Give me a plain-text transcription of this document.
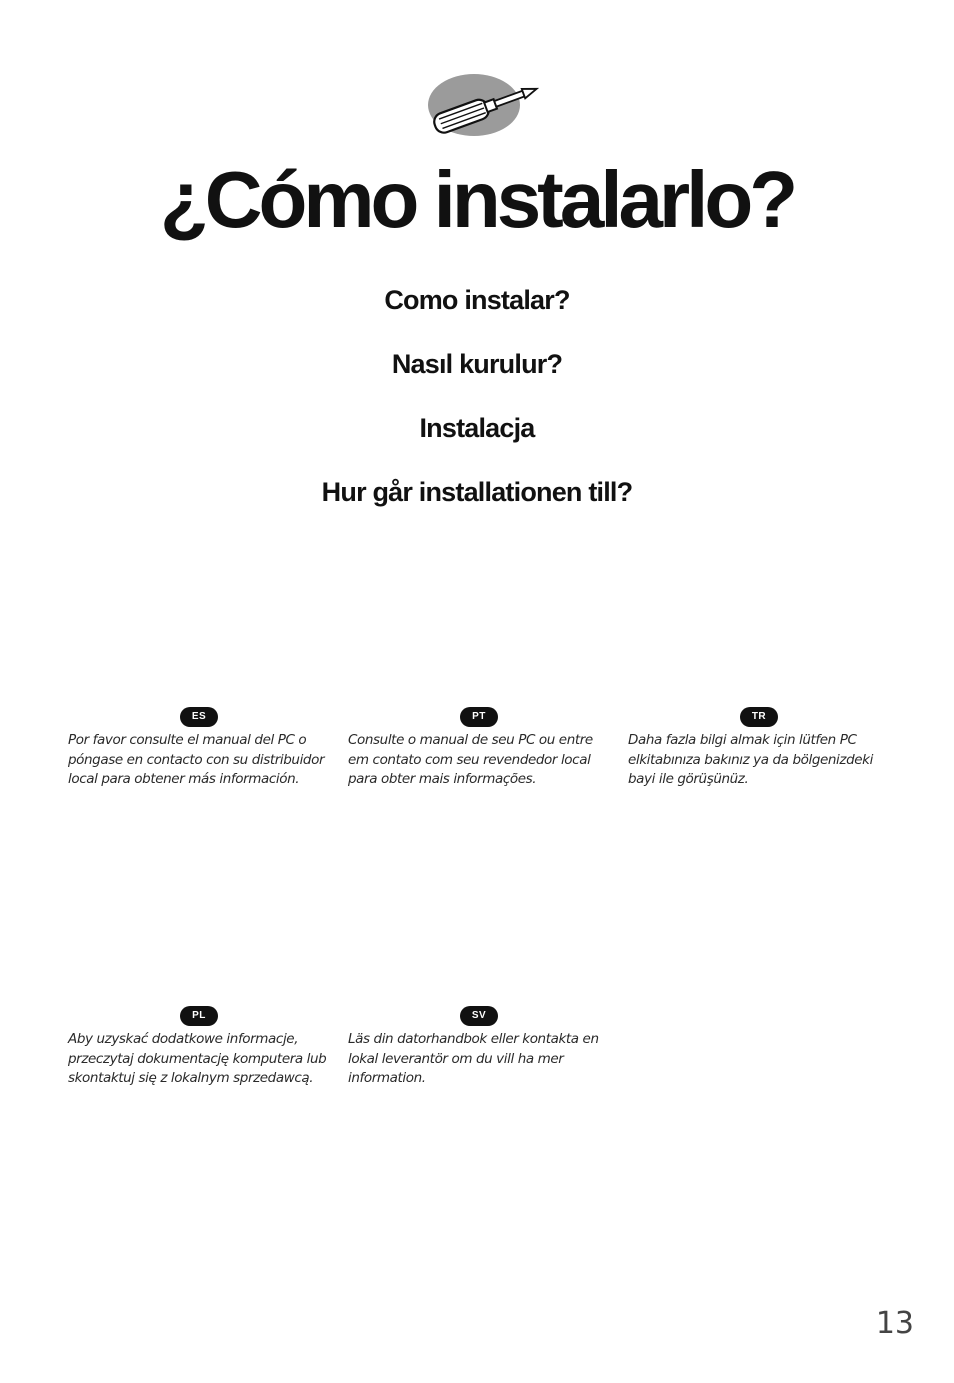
¿Cómo instalarlo?
Como instalar?
Nasıl kurulur?
Instalacja
Hur går installationen till?
ES

Por favor consulte el manual del PC o póngase en contacto con su distribuidor local para obtener más información.

PT

Consulte o manual de seu PC ou entre em contato com seu revendedor local para obter mais informações.

TR

Daha fazla bilgi almak için lütfen PC elkitabınıza bakınız ya da bölgenizdeki bayi ile görüşünüz.

PL

Aby uzyskać dodatkowe informacje, przeczytaj dokumentację komputera lub skontaktuj się z lokalnym sprzedawcą.

SV

Läs din datorhandbok eller kontakta en lokal leverantör om du vill ha mer information.

13
